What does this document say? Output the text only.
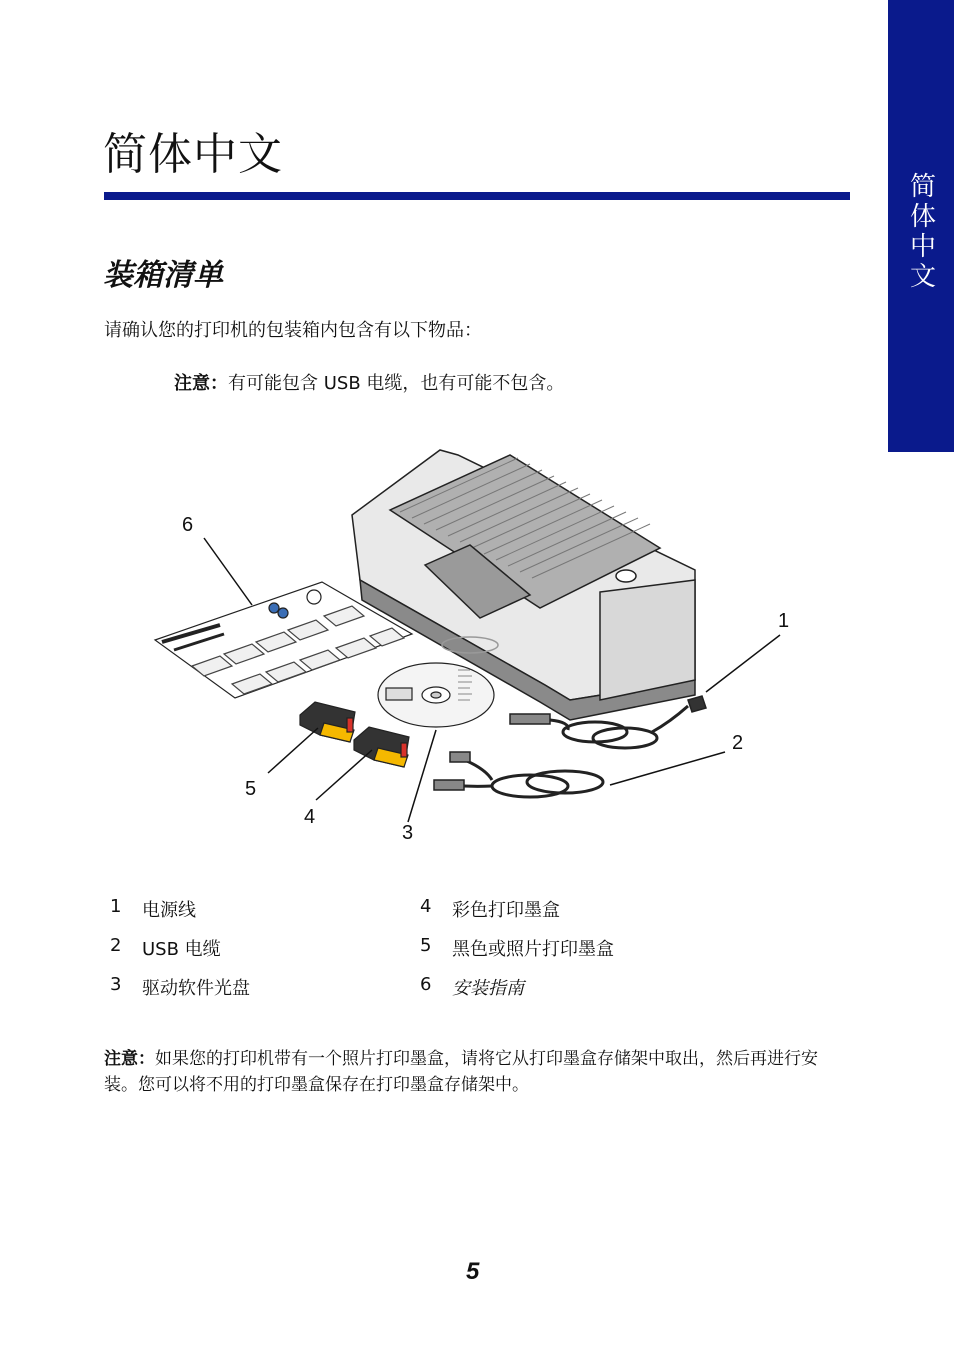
简体中文
简体中文
装箱清单

请确认您的打印机的包装箱内包含有以下物品：

注意：有可能包含 USB 电缆，也有可能不包含。

6
1
2
3
4
5
1 电源线
2 USB 电缆
3 驱动软件光盘
4 彩色打印墨盒
5 黑色或照片打印墨盒
6 安装指南

注意：如果您的打印机带有一个照片打印墨盒，请将它从打印墨盒存储架中取出，然后再进行安装。您可以将不用的打印墨盒保存在打印墨盒存储架中。

5
